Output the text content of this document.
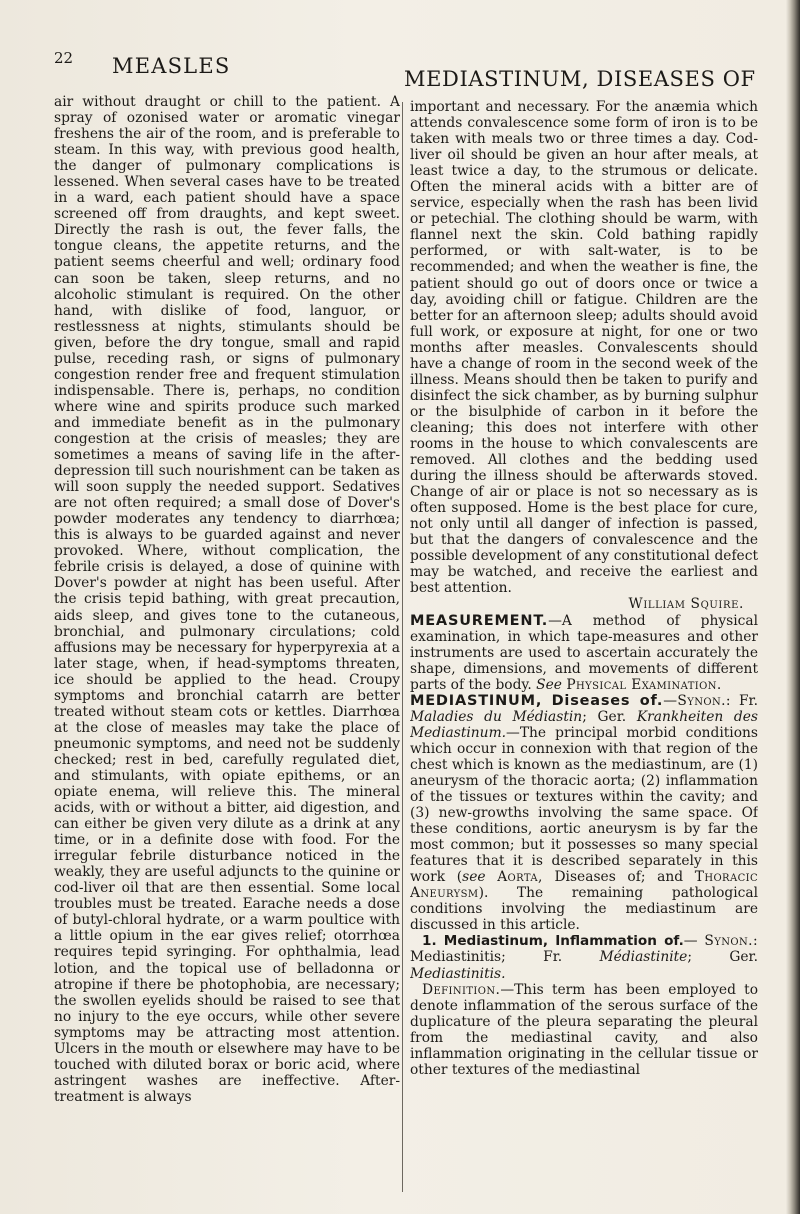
22 MEASLES
MEDIASTINUM, DISEASES OF

air without draught or chill to the patient. A spray of ozonised water or aromatic vinegar freshens the air of the room, and is preferable to steam. In this way, with previous good health, the danger of pulmonary complications is lessened. When several cases have to be treated in a ward, each patient should have a space screened off from draughts, and kept sweet. Directly the rash is out, the fever falls, the tongue cleans, the appetite returns, and the patient seems cheerful and well; ordinary food can soon be taken, sleep returns, and no alcoholic stimulant is required. On the other hand, with dislike of food, languor, or restlessness at nights, stimulants should be given, before the dry tongue, small and rapid pulse, receding rash, or signs of pulmonary congestion render free and frequent stimulation indispensable. There is, perhaps, no condition where wine and spirits produce such marked and immediate benefit as in the pulmonary congestion at the crisis of measles; they are sometimes a means of saving life in the after-depression till such nourishment can be taken as will soon supply the needed support. Sedatives are not often required; a small dose of Dover's powder moderates any tendency to diarrhœa; this is always to be guarded against and never provoked. Where, without complication, the febrile crisis is delayed, a dose of quinine with Dover's powder at night has been useful. After the crisis tepid bathing, with great precaution, aids sleep, and gives tone to the cutaneous, bronchial, and pulmonary circulations; cold affusions may be necessary for hyperpyrexia at a later stage, when, if head-symptoms threaten, ice should be applied to the head. Croupy symptoms and bronchial catarrh are better treated without steam cots or kettles. Diarrhœa at the close of measles may take the place of pneumonic symptoms, and need not be suddenly checked; rest in bed, carefully regulated diet, and stimulants, with opiate epithems, or an opiate enema, will relieve this. The mineral acids, with or without a bitter, aid digestion, and can either be given very dilute as a drink at any time, or in a definite dose with food. For the irregular febrile disturbance noticed in the weakly, they are useful adjuncts to the quinine or cod-liver oil that are then essential. Some local troubles must be treated. Earache needs a dose of butyl-chloral hydrate, or a warm poultice with a little opium in the ear gives relief; otorrhœa requires tepid syringing. For ophthalmia, lead lotion, and the topical use of belladonna or atropine if there be photophobia, are necessary; the swollen eyelids should be raised to see that no injury to the eye occurs, while other severe symptoms may be attracting most attention. Ulcers in the mouth or elsewhere may have to be touched with diluted borax or boric acid, where astringent washes are ineffective. After-treatment is always

important and necessary. For the anæmia which attends convalescence some form of iron is to be taken with meals two or three times a day. Cod-liver oil should be given an hour after meals, at least twice a day, to the strumous or delicate. Often the mineral acids with a bitter are of service, especially when the rash has been livid or petechial. The clothing should be warm, with flannel next the skin. Cold bathing rapidly performed, or with salt-water, is to be recommended; and when the weather is fine, the patient should go out of doors once or twice a day, avoiding chill or fatigue. Children are the better for an afternoon sleep; adults should avoid full work, or exposure at night, for one or two months after measles. Convalescents should have a change of room in the second week of the illness. Means should then be taken to purify and disinfect the sick chamber, as by burning sulphur or the bisulphide of carbon in it before the cleaning; this does not interfere with other rooms in the house to which convalescents are removed. All clothes and the bedding used during the illness should be afterwards stoved. Change of air or place is not so necessary as is often supposed. Home is the best place for cure, not only until all danger of infection is passed, but that the dangers of convalescence and the possible development of any constitutional defect may be watched, and receive the earliest and best attention.

William Squire.

MEASUREMENT.—A method of physical examination, in which tape-measures and other instruments are used to ascertain accurately the shape, dimensions, and movements of different parts of the body. See Physical Examination.

MEDIASTINUM, Diseases of.—Synon.: Fr. Maladies du Médiastin; Ger. Krankheiten des Mediastinum.—The principal morbid conditions which occur in connexion with that region of the chest which is known as the mediastinum, are (1) aneurysm of the thoracic aorta; (2) inflammation of the tissues or textures within the cavity; and (3) new-growths involving the same space. Of these conditions, aortic aneurysm is by far the most common; but it possesses so many special features that it is described separately in this work (see Aorta, Diseases of; and Thoracic Aneurysm). The remaining pathological conditions involving the mediastinum are discussed in this article.

1. Mediastinum, Inflammation of.— Synon.: Mediastinitis; Fr.	Médiastinite; Ger. Mediastinitis.

Definition.—This term has been employed to denote inflammation of the serous surface of the duplicature of the pleura separating the pleural from the mediastinal cavity, and also inflammation originating in the cellular tissue or other textures of the mediastinal
